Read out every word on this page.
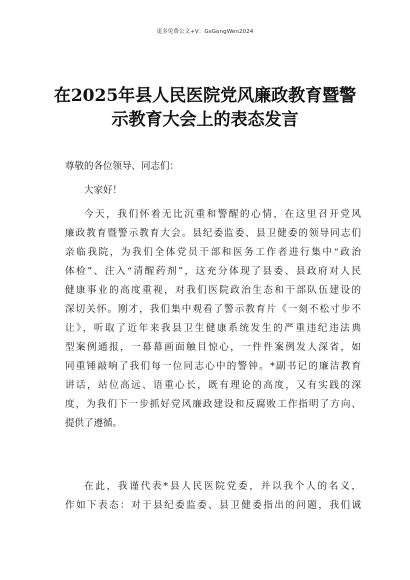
更多免费公文+V：GsGongWen2024
在2025年县人民医院党风廉政教育暨警
示教育大会上的表态发言
尊敬的各位领导、同志们：
大家好！
今天，我们怀着无比沉重和警醒的心情，在这里召开党风
廉政教育暨警示教育大会。县纪委监委、县卫健委的领导同志们
亲临我院，为我们全体党员干部和医务工作者进行集中“政治
体检”、注入“清醒药剂”，这充分体现了县委、县政府对人民
健康事业的高度重视，对我们医院政治生态和干部队伍建设的
深切关怀。刚才，我们集中观看了警示教育片《一刻不松寸步不
让》，听取了近年来我县卫生健康系统发生的严重违纪违法典
型案例通报，一幕幕画面触目惊心，一件件案例发人深省，如
同重锤敲响了我们每一位同志心中的警钟。*副书记的廉洁教育
讲话，站位高远、语重心长，既有理论的高度，又有实践的深
度，为我们下一步抓好党风廉政建设和反腐败工作指明了方向、
提供了遵循。
在此，我谨代表*县人民医院党委，并以我个人的名义，
作如下表态：对于县纪委监委、县卫健委指出的问题，我们诚
